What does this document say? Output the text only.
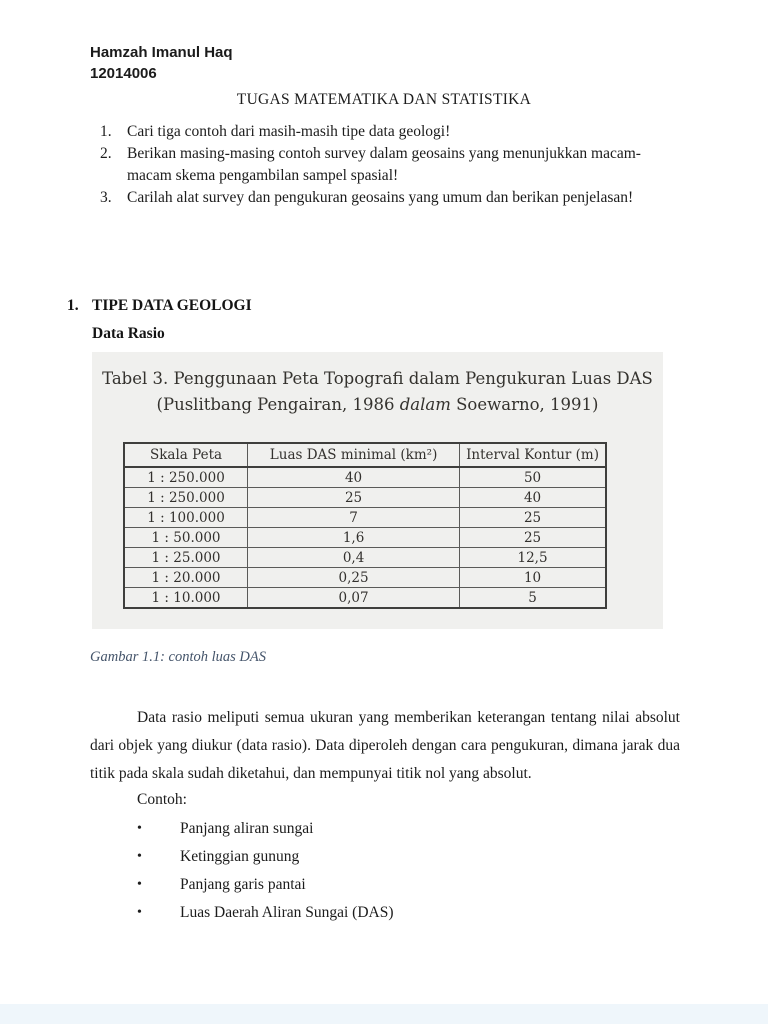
Hamzah Imanul Haq
12014006
TUGAS MATEMATIKA DAN STATISTIKA
1. Cari tiga contoh dari masih-masih tipe data geologi!
2. Berikan masing-masing contoh survey dalam geosains yang menunjukkan macam-macam skema pengambilan sampel spasial!
3. Carilah alat survey dan pengukuran geosains yang umum dan berikan penjelasan!
1. TIPE DATA GEOLOGI
Data Rasio
Tabel 3. Penggunaan Peta Topografi dalam Pengukuran Luas DAS
(Puslitbang Pengairan, 1986 dalam Soewarno, 1991)
Skala Peta	Luas DAS minimal (km²)	Interval Kontur (m)
1 : 250.000	40	50
1 : 250.000	25	40
1 : 100.000	7	25
1 : 50.000	1,6	25
1 : 25.000	0,4	12,5
1 : 20.000	0,25	10
1 : 10.000	0,07	5
Gambar 1.1: contoh luas DAS
Data rasio meliputi semua ukuran yang memberikan keterangan tentang nilai absolut dari objek yang diukur (data rasio). Data diperoleh dengan cara pengukuran, dimana jarak dua titik pada skala sudah diketahui, dan mempunyai titik nol yang absolut.
Contoh:
•	Panjang aliran sungai
•	Ketinggian gunung
•	Panjang garis pantai
•	Luas Daerah Aliran Sungai (DAS)
